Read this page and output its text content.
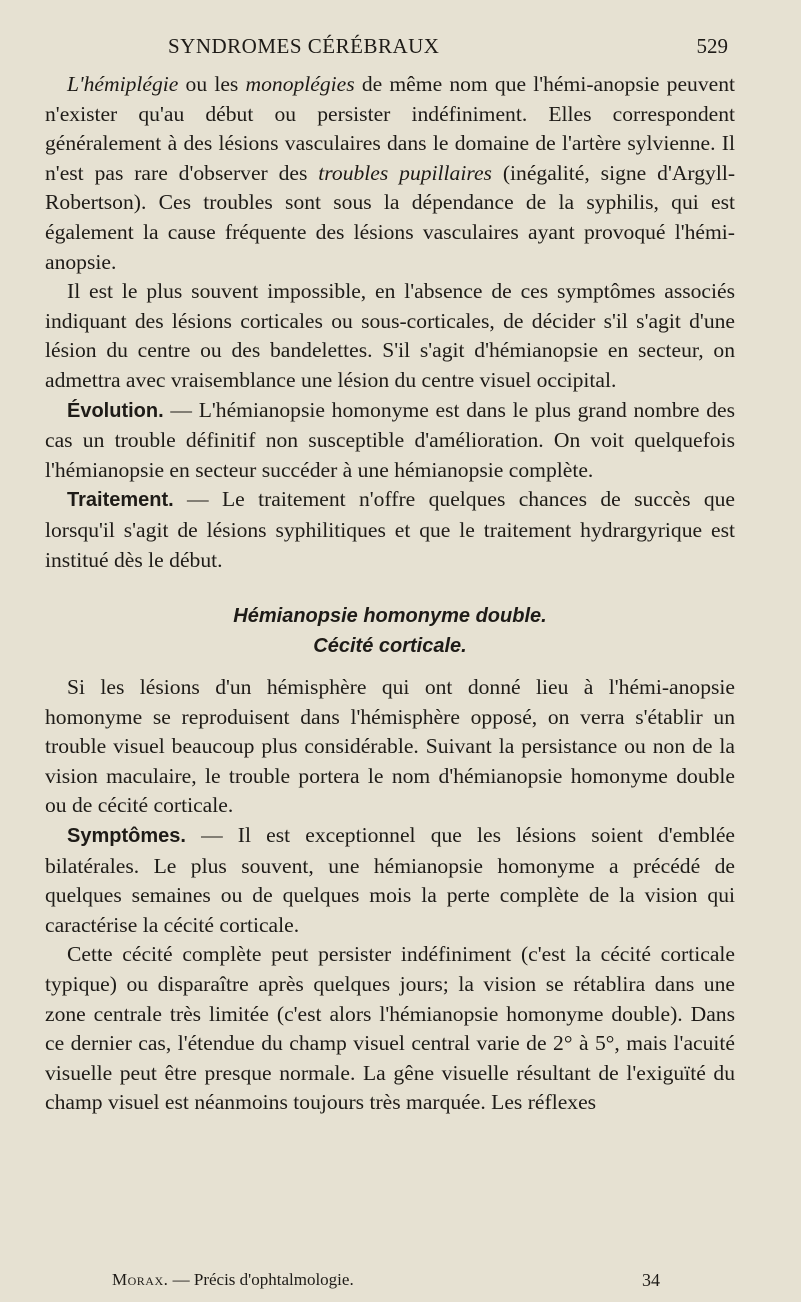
SYNDROMES CÉRÉBRAUX	529

L'hémiplégie ou les monoplégies de même nom que l'hémi-anopsie peuvent n'exister qu'au début ou persister indéfiniment. Elles correspondent généralement à des lésions vasculaires dans le domaine de l'artère sylvienne. Il n'est pas rare d'observer des troubles pupillaires (inégalité, signe d'Argyll-Robertson). Ces troubles sont sous la dépendance de la syphilis, qui est également la cause fréquente des lésions vasculaires ayant provoqué l'hémi-anopsie.

Il est le plus souvent impossible, en l'absence de ces symptômes associés indiquant des lésions corticales ou sous-corticales, de décider s'il s'agit d'une lésion du centre ou des bandelettes. S'il s'agit d'hémianopsie en secteur, on admettra avec vraisemblance une lésion du centre visuel occipital.

Évolution. — L'hémianopsie homonyme est dans le plus grand nombre des cas un trouble définitif non susceptible d'amélioration. On voit quelquefois l'hémianopsie en secteur succéder à une hémianopsie complète.

Traitement. — Le traitement n'offre quelques chances de succès que lorsqu'il s'agit de lésions syphilitiques et que le traitement hydrargyrique est institué dès le début.

Hémianopsie homonyme double.
Cécité corticale.

Si les lésions d'un hémisphère qui ont donné lieu à l'hémi-anopsie homonyme se reproduisent dans l'hémisphère opposé, on verra s'établir un trouble visuel beaucoup plus considérable. Suivant la persistance ou non de la vision maculaire, le trouble portera le nom d'hémianopsie homonyme double ou de cécité corticale.

Symptômes. — Il est exceptionnel que les lésions soient d'emblée bilatérales. Le plus souvent, une hémianopsie homonyme a précédé de quelques semaines ou de quelques mois la perte complète de la vision qui caractérise la cécité corticale.

Cette cécité complète peut persister indéfiniment (c'est la cécité corticale typique) ou disparaître après quelques jours; la vision se rétablira dans une zone centrale très limitée (c'est alors l'hémianopsie homonyme double). Dans ce dernier cas, l'étendue du champ visuel central varie de 2° à 5°, mais l'acuité visuelle peut être presque normale. La gêne visuelle résultant de l'exiguïté du champ visuel est néanmoins toujours très marquée. Les réflexes

Morax. — Précis d'ophtalmologie.	34
